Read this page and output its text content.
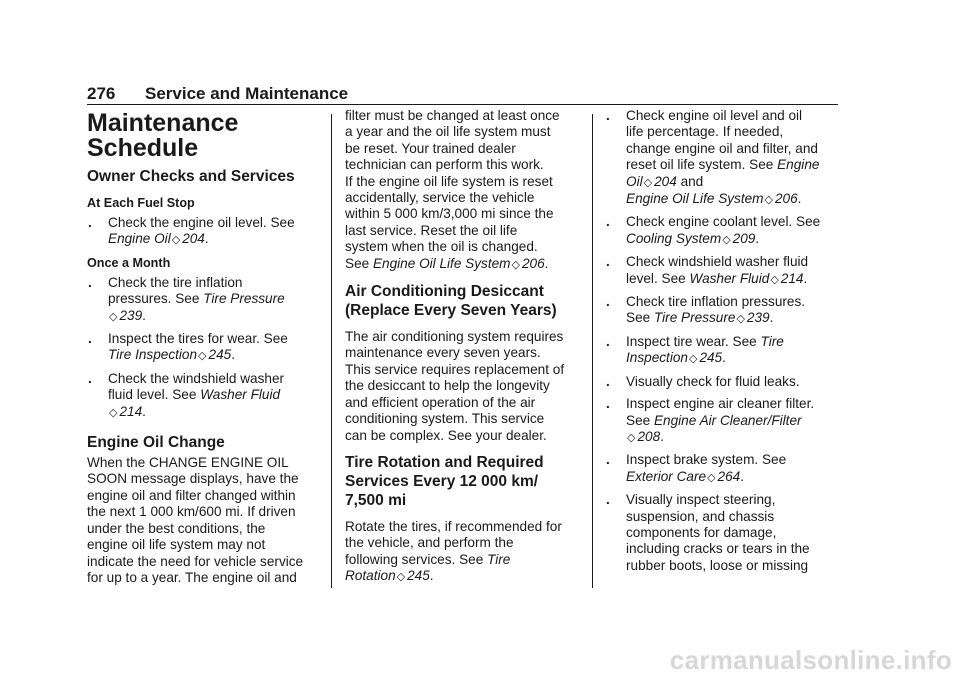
276 Service and Maintenance
Maintenance
Schedule
Owner Checks and Services
At Each Fuel Stop
. Check the engine oil level. See
Engine Oil◇ 204.
Once a Month
. Check the tire inflation
pressures. See Tire Pressure
◇ 239.
. Inspect the tires for wear. See
Tire Inspection◇ 245.
. Check the windshield washer
fluid level. See Washer Fluid
◇ 214.
Engine Oil Change

When the CHANGE ENGINE OIL
SOON message displays, have the
engine oil and filter changed within
the next 1 000 km/600 mi. If driven
under the best conditions, the
engine oil life system may not
indicate the need for vehicle service
for up to a year. The engine oil and

filter must be changed at least once
a year and the oil life system must
be reset. Your trained dealer
technician can perform this work.
If the engine oil life system is reset
accidentally, service the vehicle
within 5 000 km/3,000 mi since the
last service. Reset the oil life
system when the oil is changed.
See Engine Oil Life System◇ 206.

Air Conditioning Desiccant
(Replace Every Seven Years)

The air conditioning system requires
maintenance every seven years.
This service requires replacement of
the desiccant to help the longevity
and efficient operation of the air
conditioning system. This service
can be complex. See your dealer.

Tire Rotation and Required
Services Every 12 000 km/
7,500 mi

Rotate the tires, if recommended for
the vehicle, and perform the
following services. See Tire
Rotation◇ 245.

. Check engine oil level and oil
life percentage. If needed,
change engine oil and filter, and
reset oil life system. See Engine
Oil◇ 204 and
Engine Oil Life System◇ 206.
. Check engine coolant level. See
Cooling System◇ 209.
. Check windshield washer fluid
level. See Washer Fluid◇ 214.
. Check tire inflation pressures.
See Tire Pressure◇ 239.
. Inspect tire wear. See Tire
Inspection◇ 245.
. Visually check for fluid leaks.
. Inspect engine air cleaner filter.
See Engine Air Cleaner/Filter
◇ 208.
. Inspect brake system. See
Exterior Care◇ 264.
. Visually inspect steering,
suspension, and chassis
components for damage,
including cracks or tears in the
rubber boots, loose or missing
carmanualsonline.info
